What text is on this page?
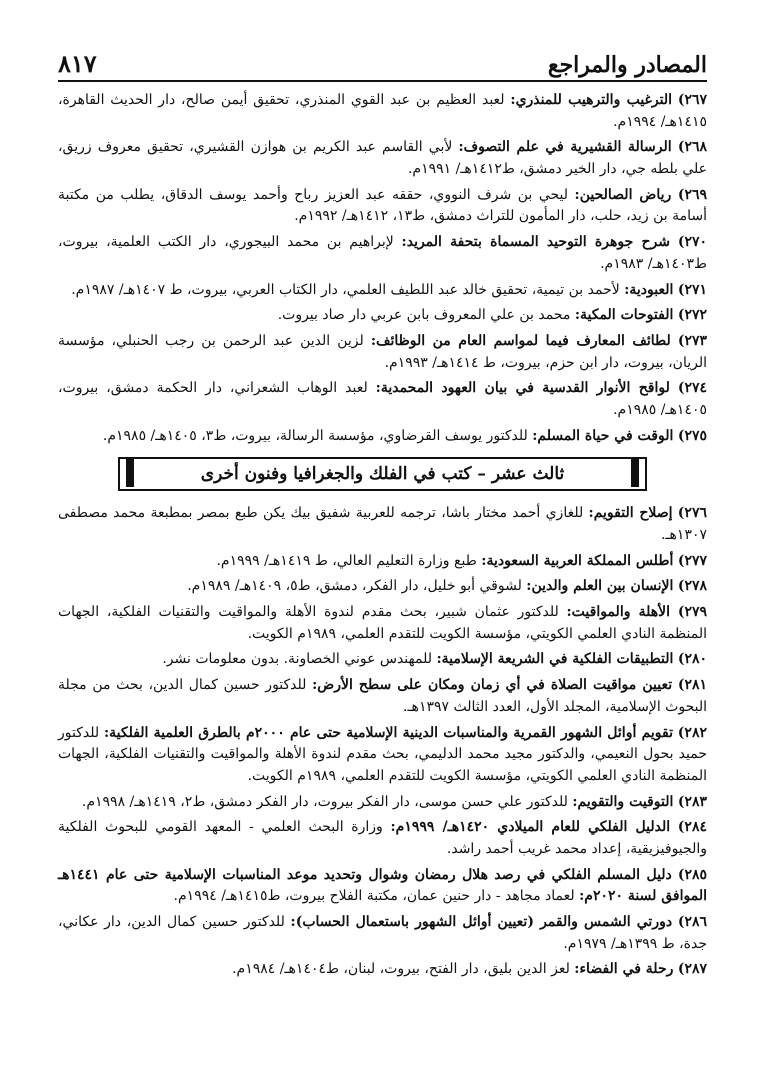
٨١٧	المصادر والمراجع

٢٦٧) الترغيب والترهيب للمنذري: لعبد العظيم بن عبد القوي المنذري، تحقيق أيمن صالح، دار الحديث القاهرة، ١٤١٥هـ/ ١٩٩٤م.

٢٦٨) الرسالة القشيرية في علم التصوف: لأبي القاسم عبد الكريم بن هوازن القشيري، تحقيق معروف زريق، علي بلطه جي، دار الخير دمشق، ط١٤١٢هـ/ ١٩٩١م.

٢٦٩) رياض الصالحين: ليحي بن شرف النووي، حققه عبد العزيز رباح وأحمد يوسف الدقاق، يطلب من مكتبة أسامة بن زيد، حلب، دار المأمون للتراث دمشق، ط١٣، ١٤١٢هـ/ ١٩٩٢م.

٢٧٠) شرح جوهرة التوحيد المسماة بتحفة المريد: لإبراهيم بن محمد البيجوري، دار الكتب العلمية، بيروت، ط١٤٠٣هـ/ ١٩٨٣م.

٢٧١) العبودية: لأحمد بن تيمية، تحقيق خالد عبد اللطيف العلمي، دار الكتاب العربي، بيروت، ط ١٤٠٧هـ/ ١٩٨٧م.

٢٧٢) الفتوحات المكية: محمد بن علي المعروف بابن عربي دار صاد بيروت.

٢٧٣) لطائف المعارف فيما لمواسم العام من الوظائف: لزين الدين عبد الرحمن بن رجب الحنبلي، مؤسسة الريان، بيروت، دار ابن حزم، بيروت، ط ١٤١٤هـ/ ١٩٩٣م.

٢٧٤) لواقح الأنوار القدسية في بيان العهود المحمدية: لعبد الوهاب الشعراني، دار الحكمة دمشق، بيروت، ١٤٠٥هـ/ ١٩٨٥م.

٢٧٥) الوقت في حياة المسلم: للدكتور يوسف القرضاوي، مؤسسة الرسالة، بيروت، ط٣، ١٤٠٥هـ/ ١٩٨٥م.

ثالث عشر – كتب في الفلك والجغرافيا وفنون أخرى

٢٧٦) إصلاح التقويم: للغازي أحمد مختار باشا، ترجمه للعربية شفيق بيك يكن طبع بمصر بمطبعة محمد مصطفى ١٣٠٧هـ.

٢٧٧) أطلس المملكة العربية السعودية: طبع وزارة التعليم العالي، ط ١٤١٩هـ/ ١٩٩٩م.

٢٧٨) الإنسان بين العلم والدين: لشوقي أبو خليل، دار الفكر، دمشق، ط٥، ١٤٠٩هـ/ ١٩٨٩م.

٢٧٩) الأهلة والمواقيت: للدكتور عثمان شبير، بحث مقدم لندوة الأهلة والمواقيت والتقنيات الفلكية، الجهات المنظمة النادي العلمي الكويتي، مؤسسة الكويت للتقدم العلمي، ١٩٨٩م الكويت.

٢٨٠) التطبيقات الفلكية في الشريعة الإسلامية: للمهندس عوني الخصاونة. بدون معلومات نشر.

٢٨١) تعيين مواقيت الصلاة في أي زمان ومكان على سطح الأرض: للدكتور حسين كمال الدين، بحث من مجلة البحوث الإسلامية، المجلد الأول، العدد الثالث ١٣٩٧هـ.

٢٨٢) تقويم أوائل الشهور القمرية والمناسبات الدينية الإسلامية حتى عام ٢٠٠٠م بالطرق العلمية الفلكية: للدكتور حميد بحول النعيمي، والدكتور مجيد محمد الدليمي، بحث مقدم لندوة الأهلة والمواقيت والتقنيات الفلكية، الجهات المنظمة النادي العلمي الكويتي، مؤسسة الكويت للتقدم العلمي، ١٩٨٩م الكويت.

٢٨٣) التوقيت والتقويم: للدكتور علي حسن موسى، دار الفكر بيروت، دار الفكر دمشق، ط٢، ١٤١٩هـ/ ١٩٩٨م.

٢٨٤) الدليل الفلكي للعام الميلادي ١٤٢٠هـ/ ١٩٩٩م: وزارة البحث العلمي - المعهد القومي للبحوث الفلكية والجيوفيزيقية، إعداد محمد غريب أحمد راشد.

٢٨٥) دليل المسلم الفلكي في رصد هلال رمضان وشوال وتحديد موعد المناسبات الإسلامية حتى عام ١٤٤١هـ الموافق لسنة ٢٠٢٠م: لعماد مجاهد - دار حنين عمان، مكتبة الفلاح بيروت، ط١٤١٥هـ/ ١٩٩٤م.

٢٨٦) دورتي الشمس والقمر (تعيين أوائل الشهور باستعمال الحساب): للدكتور حسين كمال الدين، دار عكاني، جدة، ط ١٣٩٩هـ/ ١٩٧٩م.

٢٨٧) رحلة في الفضاء: لعز الدين بليق، دار الفتح، بيروت، لبنان، ط١٤٠٤هـ/ ١٩٨٤م.
